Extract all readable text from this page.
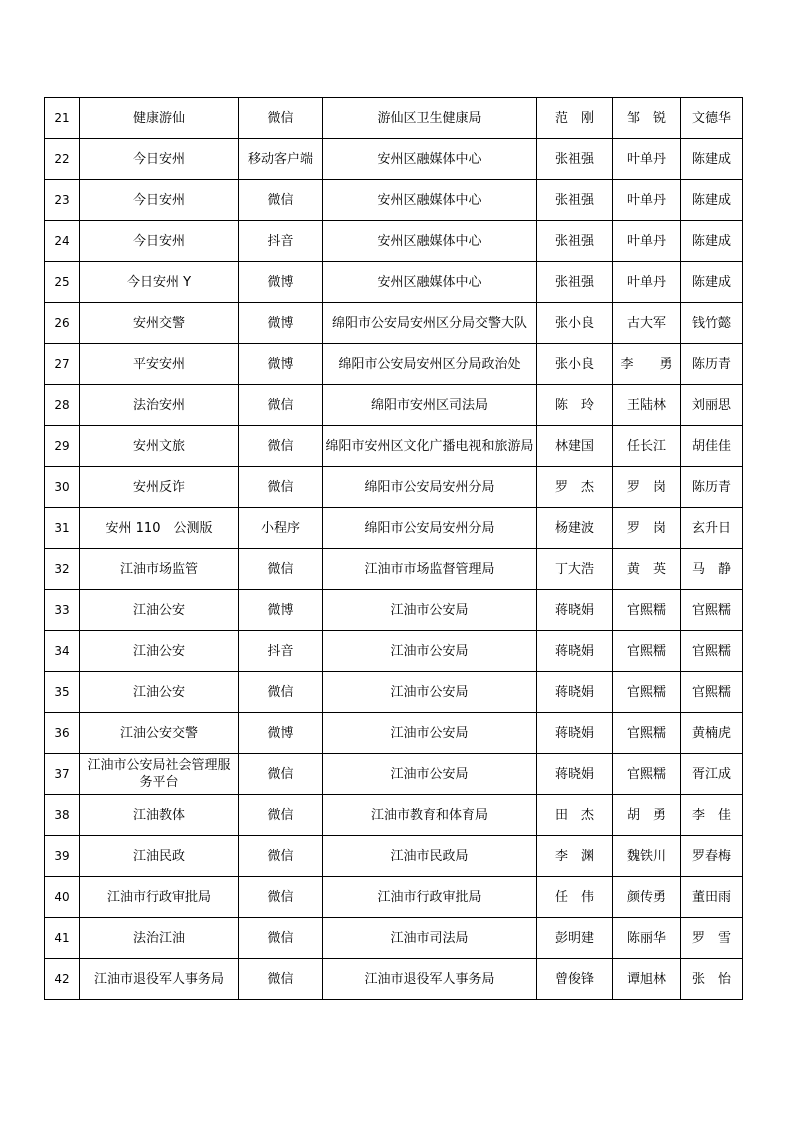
21	健康游仙	微信	游仙区卫生健康局	范　刚	邹　锐	文德华
22	今日安州	移动客户端	安州区融媒体中心	张祖强	叶单丹	陈建成
23	今日安州	微信	安州区融媒体中心	张祖强	叶单丹	陈建成
24	今日安州	抖音	安州区融媒体中心	张祖强	叶单丹	陈建成
25	今日安州 Y	微博	安州区融媒体中心	张祖强	叶单丹	陈建成
26	安州交警	微博	绵阳市公安局安州区分局交警大队	张小良	古大军	钱竹懿
27	平安安州	微博	绵阳市公安局安州区分局政治处	张小良	李　　勇	陈历青
28	法治安州	微信	绵阳市安州区司法局	陈　玲	王陆林	刘丽思
29	安州文旅	微信	绵阳市安州区文化广播电视和旅游局	林建国	任长江	胡佳佳
30	安州反诈	微信	绵阳市公安局安州分局	罗　杰	罗　岗	陈历青
31	安州 110　公测版	小程序	绵阳市公安局安州分局	杨建波	罗　岗	玄升日
32	江油市场监管	微信	江油市市场监督管理局	丁大浩	黄　英	马　静
33	江油公安	微博	江油市公安局	蒋晓娟	官熙糯	官熙糯
34	江油公安	抖音	江油市公安局	蒋晓娟	官熙糯	官熙糯
35	江油公安	微信	江油市公安局	蒋晓娟	官熙糯	官熙糯
36	江油公安交警	微博	江油市公安局	蒋晓娟	官熙糯	黄楠虎
37	江油市公安局社会管理服务平台	微信	江油市公安局	蒋晓娟	官熙糯	胥江成
38	江油教体	微信	江油市教育和体育局	田　杰	胡　勇	李　佳
39	江油民政	微信	江油市民政局	李　渊	魏铁川	罗春梅
40	江油市行政审批局	微信	江油市行政审批局	任　伟	颜传勇	董田雨
41	法治江油	微信	江油市司法局	彭明建	陈丽华	罗　雪
42	江油市退役军人事务局	微信	江油市退役军人事务局	曾俊锋	谭旭林	张　怡
